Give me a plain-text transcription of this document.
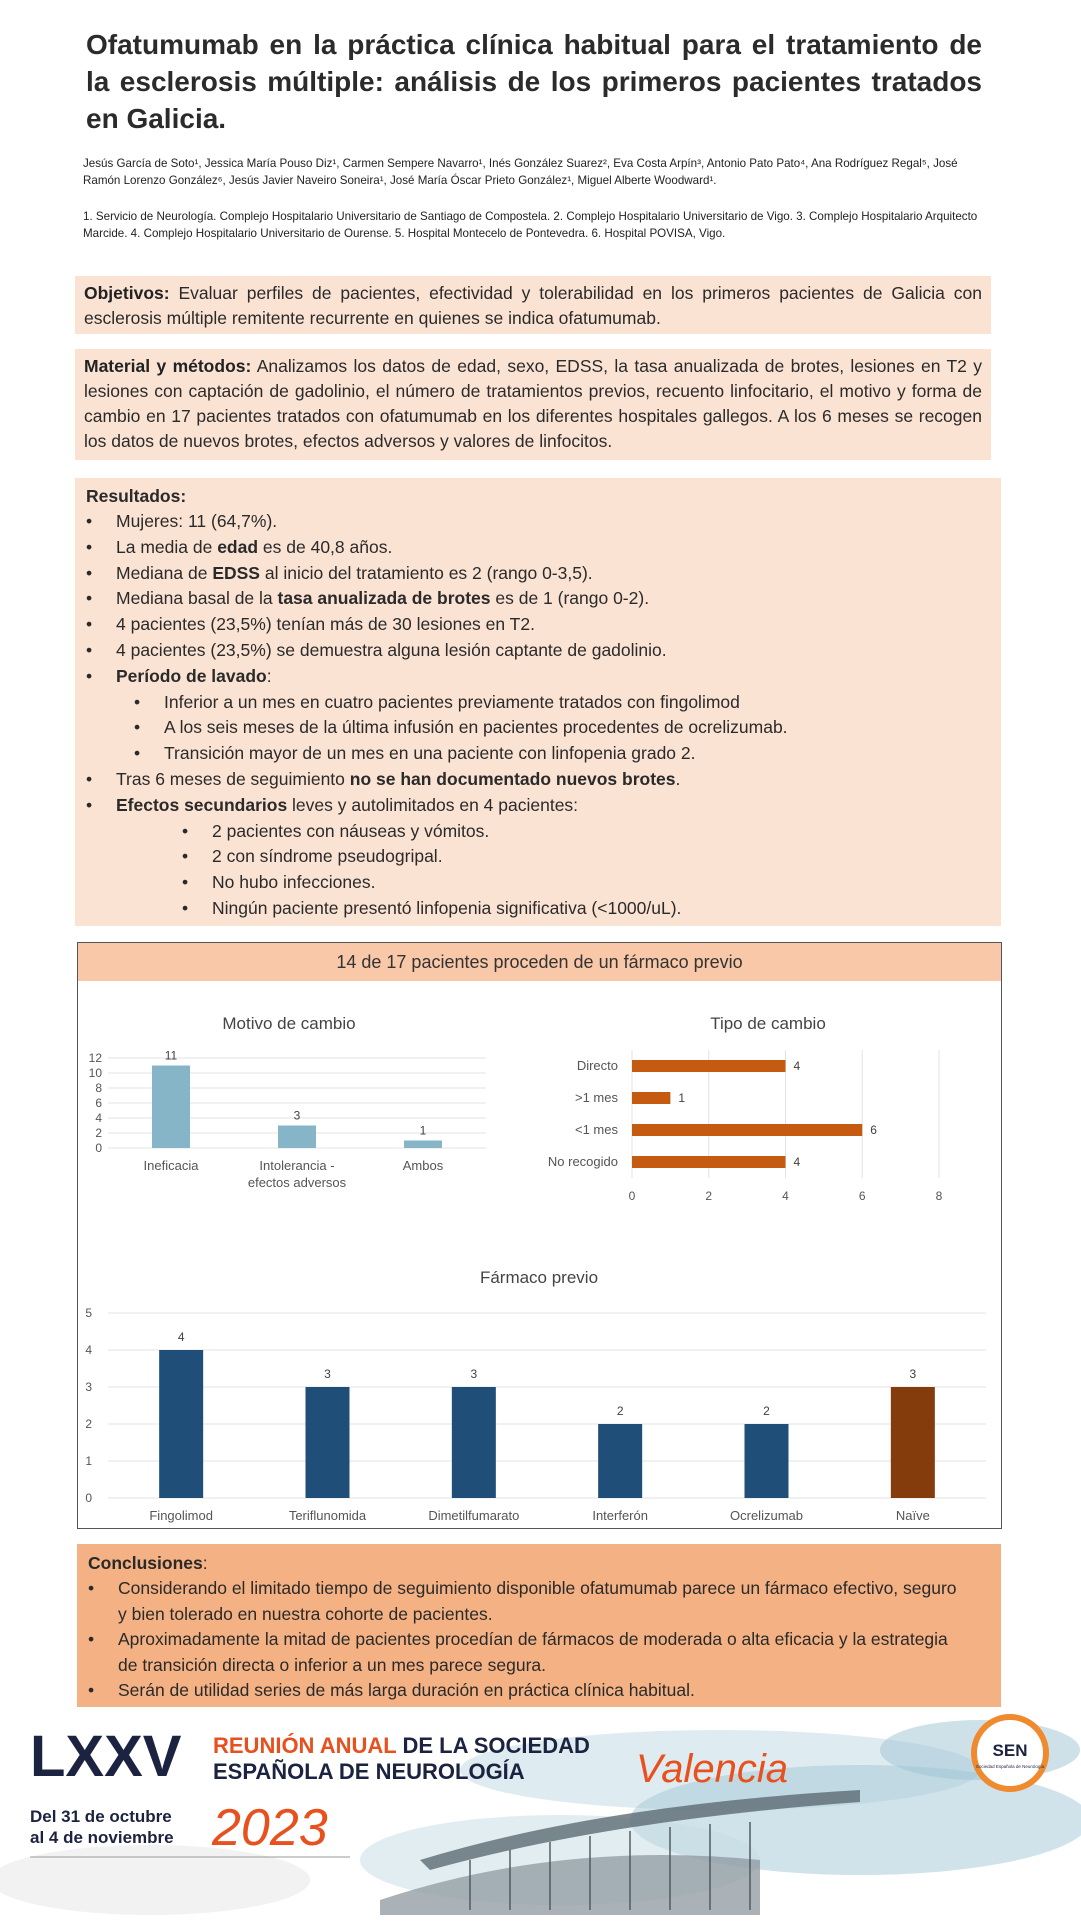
Ofatumumab en la práctica clínica habitual para el tratamiento de la esclerosis múltiple: análisis de los primeros pacientes tratados en Galicia.
Jesús García de Soto¹, Jessica María Pouso Diz¹, Carmen Sempere Navarro¹, Inés González Suarez², Eva Costa Arpín³, Antonio Pato Pato⁴, Ana Rodríguez Regal⁵, José Ramón Lorenzo González⁶, Jesús Javier Naveiro Soneira¹, José María Óscar Prieto González¹, Miguel Alberte Woodward¹.
1. Servicio de Neurología. Complejo Hospitalario Universitario de Santiago de Compostela. 2. Complejo Hospitalario Universitario de Vigo. 3. Complejo Hospitalario Arquitecto Marcide. 4. Complejo Hospitalario Universitario de Ourense. 5. Hospital Montecelo de Pontevedra. 6. Hospital POVISA, Vigo.
Objetivos: Evaluar perfiles de pacientes, efectividad y tolerabilidad en los primeros pacientes de Galicia con esclerosis múltiple remitente recurrente en quienes se indica ofatumumab.
Material y métodos: Analizamos los datos de edad, sexo, EDSS, la tasa anualizada de brotes, lesiones en T2 y lesiones con captación de gadolinio, el número de tratamientos previos, recuento linfocitario, el motivo y forma de cambio en 17 pacientes tratados con ofatumumab en los diferentes hospitales gallegos. A los 6 meses se recogen los datos de nuevos brotes, efectos adversos y valores de linfocitos.
Resultados:
• Mujeres: 11 (64,7%).
• La media de edad es de 40,8 años.
• Mediana de EDSS al inicio del tratamiento es 2 (rango 0-3,5).
• Mediana basal de la tasa anualizada de brotes es de 1 (rango 0-2).
• 4 pacientes (23,5%) tenían más de 30 lesiones en T2.
• 4 pacientes (23,5%) se demuestra alguna lesión captante de gadolinio.
• Período de lavado:
• Inferior a un mes en cuatro pacientes previamente tratados con fingolimod
• A los seis meses de la última infusión en pacientes procedentes de ocrelizumab.
• Transición mayor de un mes en una paciente con linfopenia grado 2.
• Tras 6 meses de seguimiento no se han documentado nuevos brotes.
• Efectos secundarios leves y autolimitados en 4 pacientes:
• 2 pacientes con náuseas y vómitos.
• 2 con síndrome pseudogripal.
• No hubo infecciones.
• Ningún paciente presentó linfopenia significativa (<1000/uL).
14 de 17 pacientes proceden de un fármaco previo
Motivo de cambio
0
2
4
6
8
10
12	11
Ineficacia
3
Intolerancia -
efectos adversos
1
Ambos
Tipo de cambio
0	2	4	6	8
4
Directo
1
>1 mes
6
<1 mes
4
No recogido
Fármaco previo
0
1
2
3
4
5
4
Fingolimod
3
Teriflunomida
3
Dimetilfumarato
2
Interferón
2
Ocrelizumab
3
Naïve
Conclusiones:
• Considerando el limitado tiempo de seguimiento disponible ofatumumab parece un fármaco efectivo, seguro y bien tolerado en nuestra cohorte de pacientes.
• Aproximadamente la mitad de pacientes procedían de fármacos de moderada o alta eficacia y la estrategia de transición directa o inferior a un mes parece segura.
• Serán de utilidad series de más larga duración en práctica clínica habitual.
LXXV REUNIÓN ANUAL DE LA SOCIEDAD
ESPAÑOLA DE NEUROLOGÍA	Valencia
Del 31 de octubre
al 4 de noviembre 2023
SEN
Sociedad Española de Neurología
